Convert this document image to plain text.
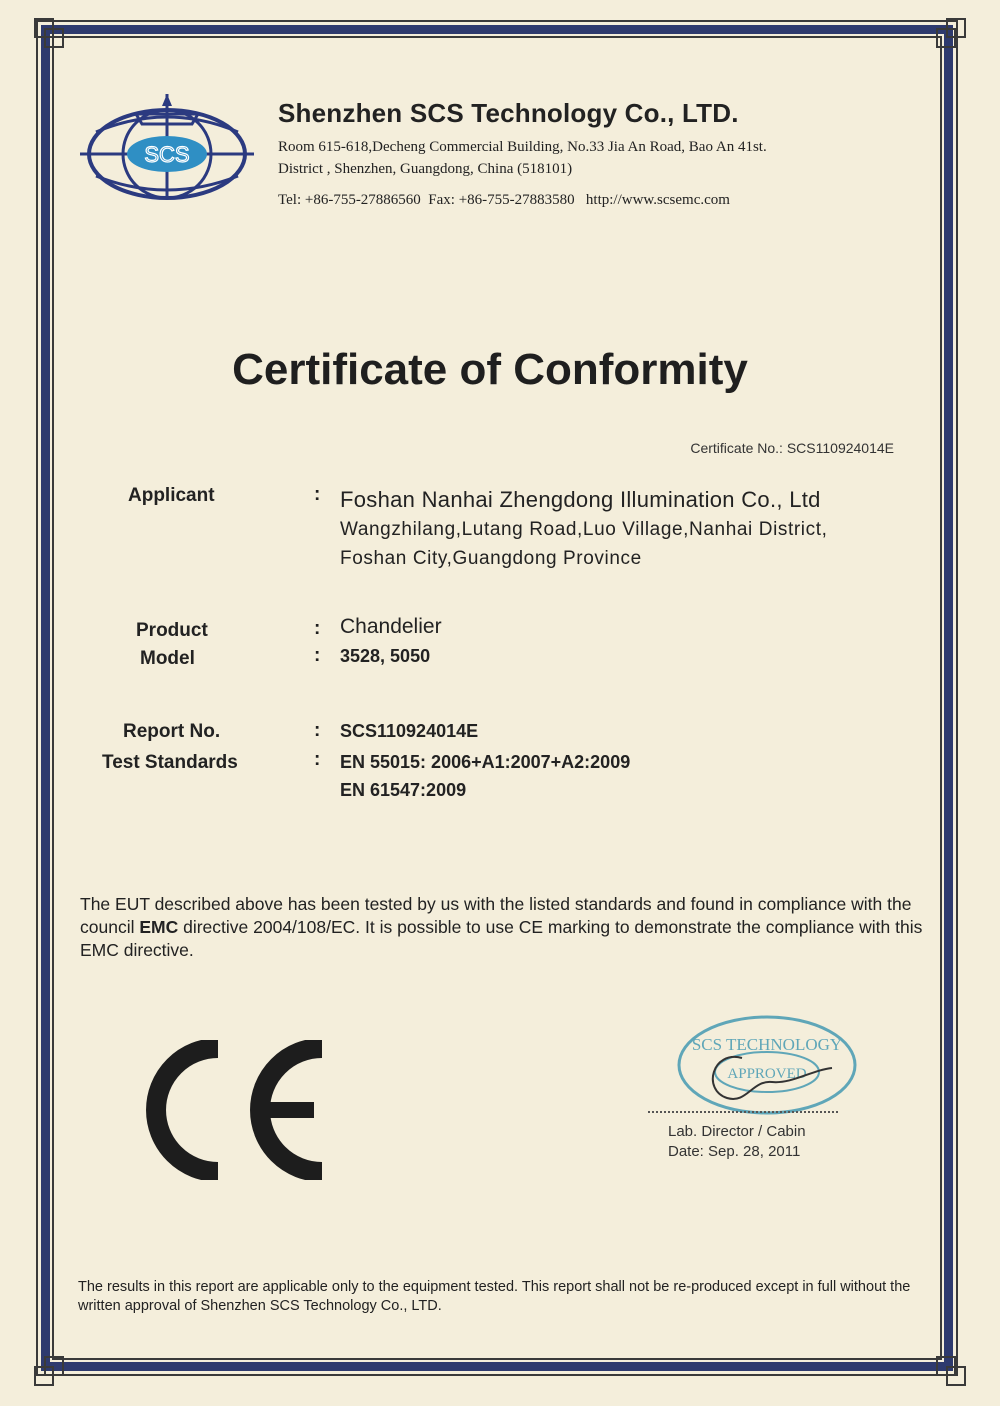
SCS
Shenzhen SCS Technology Co., LTD.
Room 615-618,Decheng Commercial Building, No.33 Jia An Road, Bao An 41st.
District , Shenzhen, Guangdong, China (518101)
Tel: +86-755-27886560  Fax: +86-755-27883580   http://www.scsemc.com
Certificate of Conformity
Certificate No.: SCS110924014E
Applicant	: Foshan Nanhai Zhengdong Illumination Co., Ltd
Wangzhilang,Lutang Road,Luo Village,Nanhai District,
Foshan City,Guangdong Province
Product	: Chandelier
Model	: 3528, 5050
Report No.	: SCS110924014E
Test Standards	: EN 55015: 2006+A1:2007+A2:2009
EN 61547:2009
The EUT described above has been tested by us with the listed standards and found in compliance with the council EMC directive 2004/108/EC. It is possible to use CE marking to demonstrate the compliance with this EMC directive.
SCS TECHNOLOGY
APPROVED
Lab. Director / Cabin
Date: Sep. 28, 2011
The results in this report are applicable only to the equipment tested. This report shall not be re-produced except in full without the written approval of Shenzhen SCS Technology Co., LTD.
